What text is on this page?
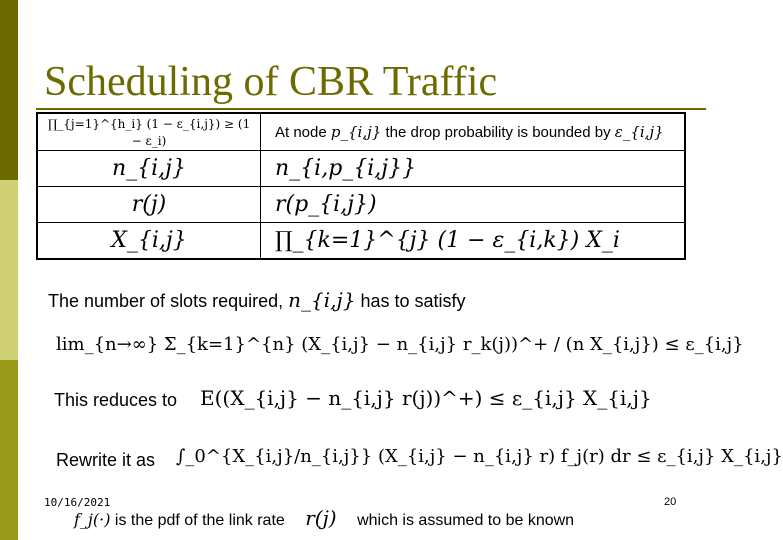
Scheduling of CBR Traffic
∏_{j=1}^{h_i} (1 − ε_{i,j}) ≥ (1 − ε_i)	At node p_{i,j} the drop probability is bounded by ε_{i,j}
n_{i,j}	n_{i,p_{i,j}}
r(j)	r(p_{i,j})
X_{i,j}	∏_{k=1}^{j} (1 − ε_{i,k}) X_i
The number of slots required, n_{i,j} has to satisfy
lim_{n→∞} Σ_{k=1}^{n} (X_{i,j} − n_{i,j} r_k(j))^+ / (n X_{i,j}) ≤ ε_{i,j}
This reduces to E((X_{i,j} − n_{i,j} r(j))^+) ≤ ε_{i,j} X_{i,j}
Rewrite it as ∫_0^{X_{i,j}/n_{i,j}} (X_{i,j} − n_{i,j} r) f_j(r) dr ≤ ε_{i,j} X_{i,j}
10/16/2021
f_j(·) is the pdf of the link rate r(j) which is assumed to be known
20
